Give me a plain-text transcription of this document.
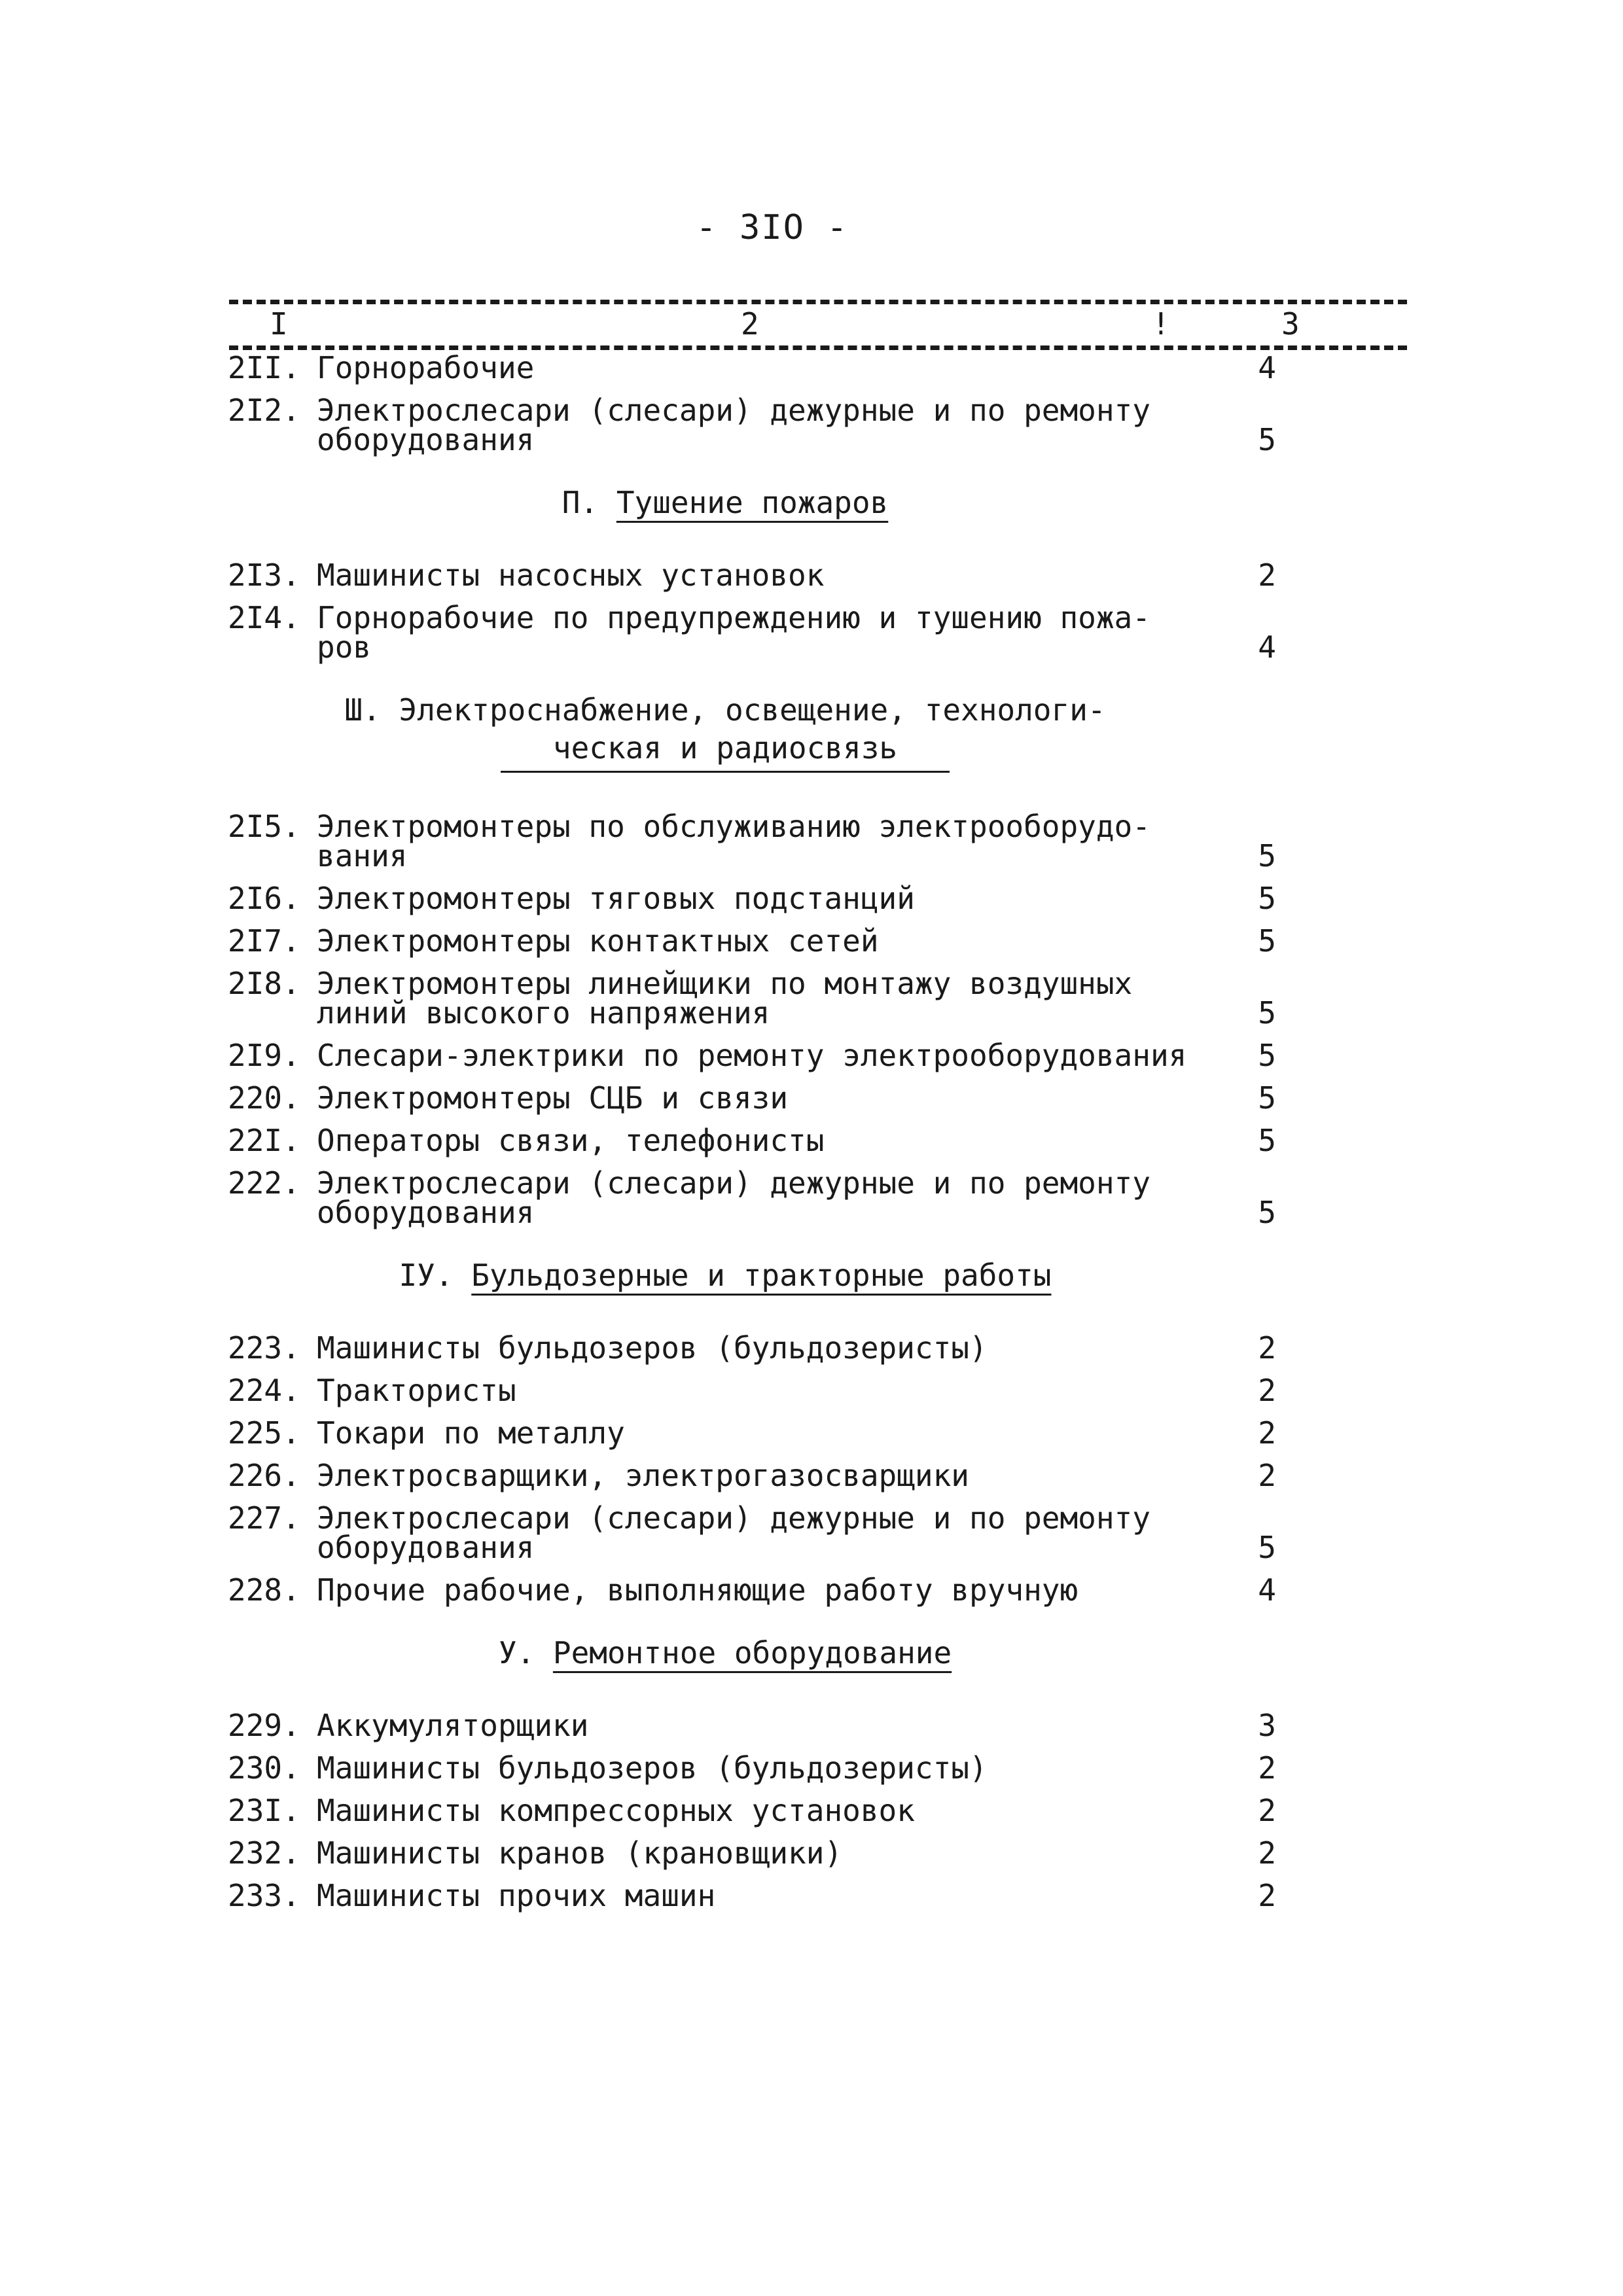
- 3IO -
I	2	!	3
2II. Горнорабочие	4
2I2. Электрослесари (слесари) дежурные и по ремонту
оборудования	5
П. Тушение пожаров
2I3. Машинисты насосных установок	2
2I4. Горнорабочие по предупреждению и тушению пожа-
ров	4
Ш. Электроснабжение, освещение, технологи-
ческая и радиосвязь
2I5. Электромонтеры по обслуживанию электрооборудо-
вания	5
2I6. Электромонтеры тяговых подстанций	5
2I7. Электромонтеры контактных сетей	5
2I8. Электромонтеры линейщики по монтажу воздушных
линий высокого напряжения	5
2I9. Слесари-электрики по ремонту электрооборудования	5
220. Электромонтеры СЦБ и связи	5
22I. Операторы связи, телефонисты	5
222. Электрослесари (слесари) дежурные и по ремонту
оборудования	5
IУ. Бульдозерные и тракторные работы
223. Машинисты бульдозеров (бульдозеристы)	2
224. Трактористы	2
225. Токари по металлу	2
226. Электросварщики, электрогазосварщики	2
227. Электрослесари (слесари) дежурные и по ремонту
оборудования	5
228. Прочие рабочие, выполняющие работу вручную	4
У. Ремонтное оборудование
229. Аккумуляторщики	3
230. Машинисты бульдозеров (бульдозеристы)	2
23I. Машинисты компрессорных установок	2
232. Машинисты кранов (крановщики)	2
233. Машинисты прочих машин	2
